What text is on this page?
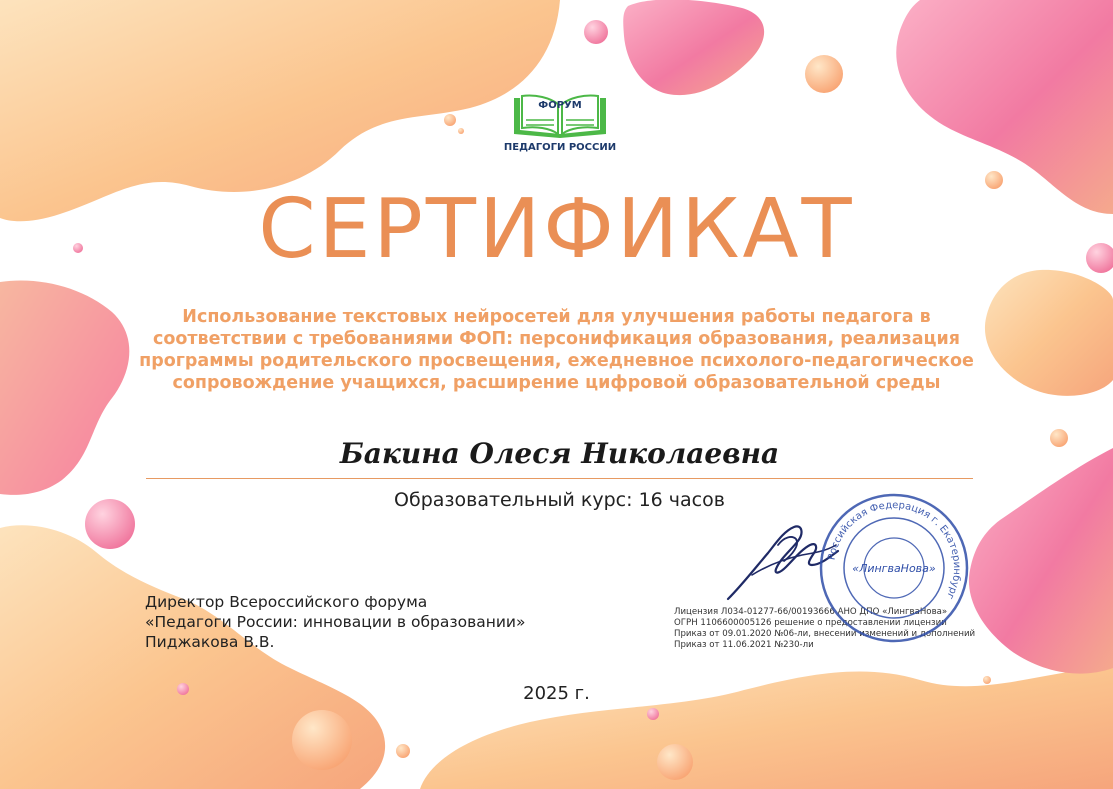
ФОРУМ
ПЕДАГОГИ РОССИИ
СЕРТИФИКАТ
Использование текстовых нейросетей для улучшения работы педагога в соответствии с требованиями ФОП: персонификация образования, реализация программы родительского просвещения, ежедневное психолого-педагогическое сопровождение учащихся, расширение цифровой образовательной среды
Бакина Олеся Николаевна
Образовательный курс: 16 часов
Директор Всероссийского форума
«Педагоги России: инновации в образовании»
Пиджакова В.В.
Лицензия Л034-01277-66/00193666 АНО ДПО «ЛингваНова»
ОГРН 1106600005126 решение о предоставлении лицензии
Приказ от 09.01.2020 №06-ли, внесении изменений и дополнений
Приказ от 11.06.2021 №230-ли
2025 г.
Российская Федерация г. Екатеринбург
«ЛингваНова»
